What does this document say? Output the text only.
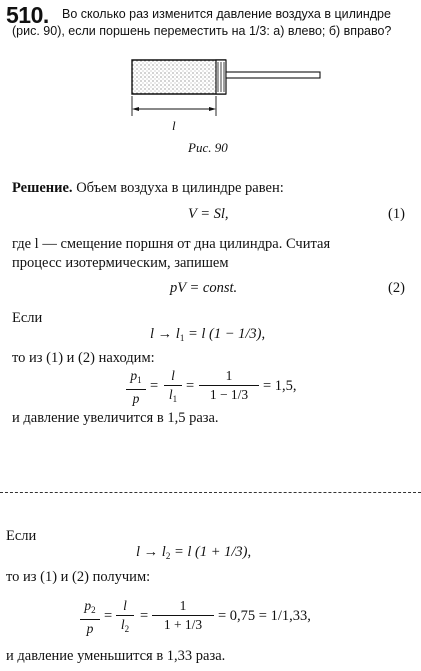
510. Во сколько раз изменится давление воздуха в цилиндре
(рис. 90), если поршень переместить на 1/3: а) влево; б) вправо?
l
Рис. 90
Решение. Объем воздуха в цилиндре равен:
V = Sl,	(1)
где l — смещение поршня от дна цилиндра. Считая
процесс изотермическим, запишем
pV = const.	(2)
Если
$l \to l_1 = l$ (1 − 1/3),
то из (1) и (2) находим:
$p_1$
p
=
l
$l_1$
=
1
1 − 1/3
= 1,5,
и давление увеличится в 1,5 раза.
Если
$l \to l_2 = l$ (1 + 1/3),
то из (1) и (2) получим:
$p_2$
p
=
l
$l_2$
=
1
1 + 1/3
= 0,75 = 1/1,33,
и давление уменьшится в 1,33 раза.
